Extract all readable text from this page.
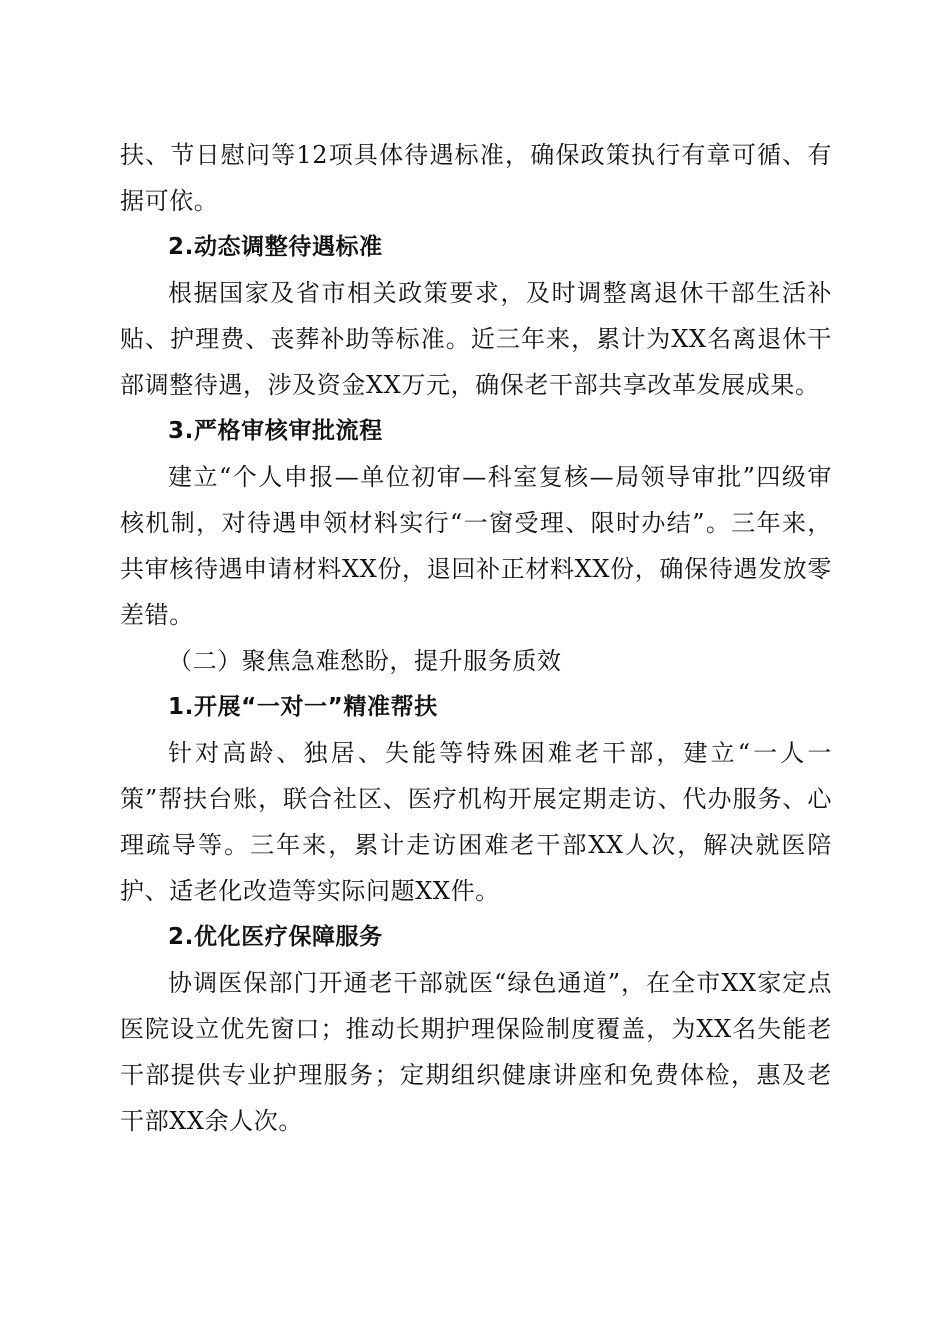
扶、节日慰问等12项具体待遇标准，确保政策执行有章可循、有据可依。

2.动态调整待遇标准

根据国家及省市相关政策要求，及时调整离退休干部生活补贴、护理费、丧葬补助等标准。近三年来，累计为XX名离退休干部调整待遇，涉及资金XX万元，确保老干部共享改革发展成果。

3.严格审核审批流程

建立“个人申报—单位初审—科室复核—局领导审批”四级审核机制，对待遇申领材料实行“一窗受理、限时办结”。三年来，共审核待遇申请材料XX份，退回补正材料XX份，确保待遇发放零差错。

（二）聚焦急难愁盼，提升服务质效

1.开展“一对一”精准帮扶

针对高龄、独居、失能等特殊困难老干部，建立“一人一策”帮扶台账，联合社区、医疗机构开展定期走访、代办服务、心理疏导等。三年来，累计走访困难老干部XX人次，解决就医陪护、适老化改造等实际问题XX件。

2.优化医疗保障服务

协调医保部门开通老干部就医“绿色通道”，在全市XX家定点医院设立优先窗口；推动长期护理保险制度覆盖，为XX名失能老干部提供专业护理服务；定期组织健康讲座和免费体检，惠及老干部XX余人次。
